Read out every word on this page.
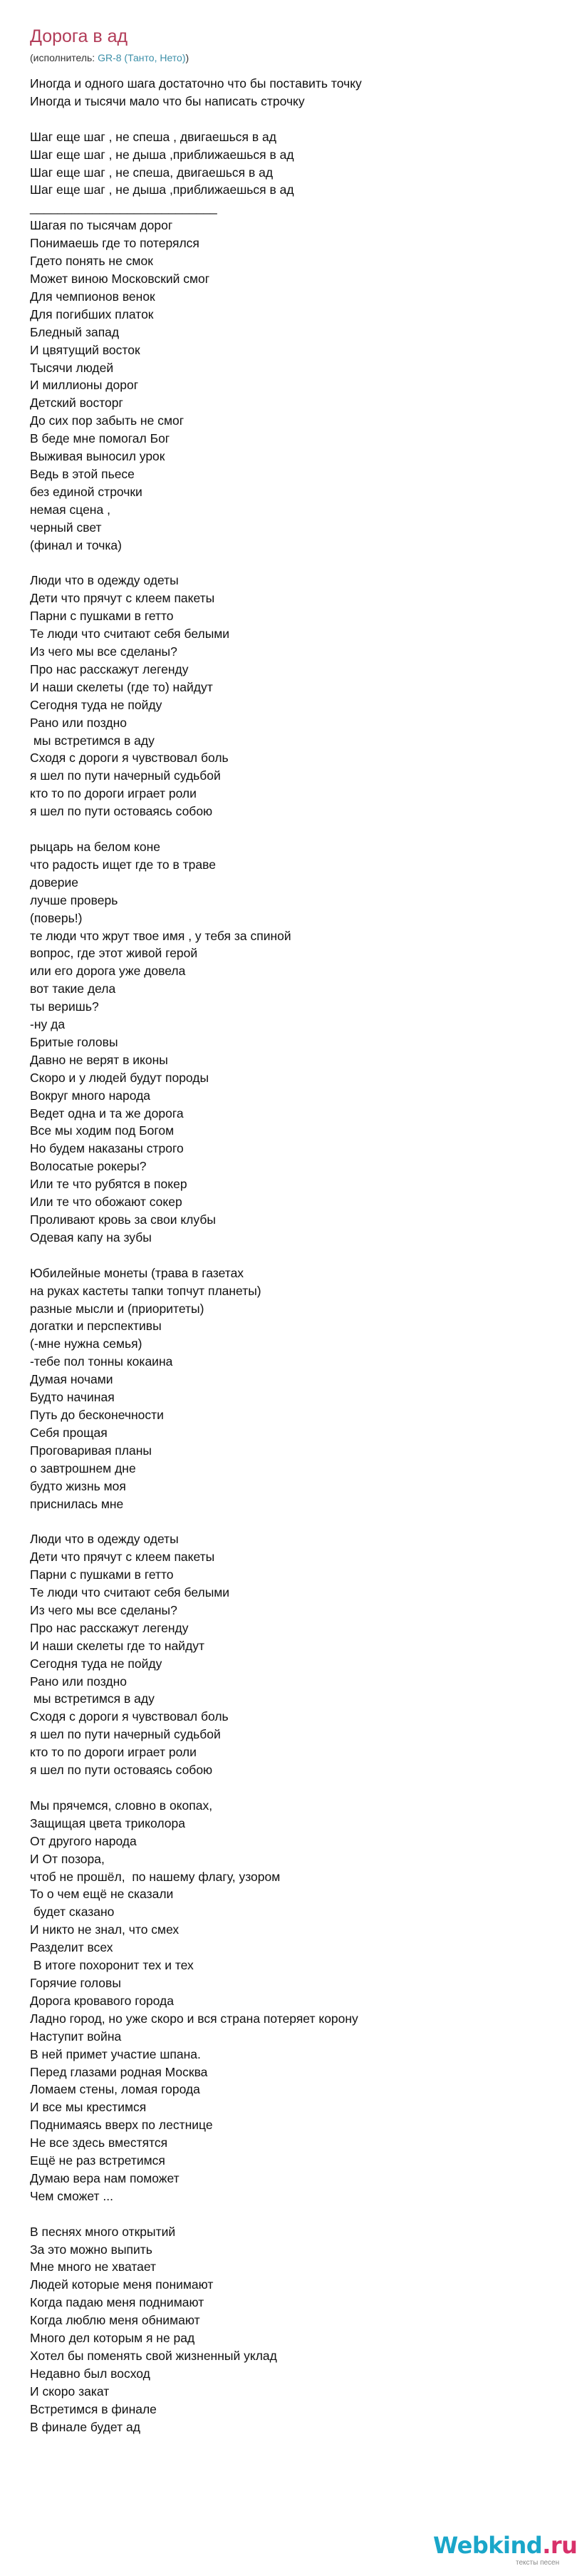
Дорога в ад
(исполнитель: GR-8 (Танто, Нето))
Иногда и одного шага достаточно что бы поставить точку
Иногда и тысячи мало что бы написать строчку

Шаг еще шаг , не спеша , двигаешься в ад
Шаг еще шаг , не дыша ,приближаешься в ад
Шаг еще шаг , не спеша, двигаешься в ад
Шаг еще шаг , не дыша ,приближаешься в ад
___________________________
Шагая по тысячам дорог
Понимаешь где то потерялся
Гдето понять не смок
Может виною Московский смог
Для чемпионов венок
Для погибших платок
Бледный запад
И цвятущий восток
Тысячи людей
И миллионы дорог
Детский восторг
До сих пор забыть не смог
В беде мне помогал Бог
Выживая выносил урок
Ведь в этой пьесе
без единой строчки
немая сцена ,
черный свет
(финал и точка)

Люди что в одежду одеты
Дети что прячут с клеем пакеты
Парни с пушками в гетто
Те люди что считают себя белыми
Из чего мы все сделаны?
Про нас расскажут легенду
И наши скелеты (где то) найдут
Сегодня туда не пойду
Рано или поздно
мы встретимся в аду
Сходя с дороги я чувствовал боль
я шел по пути начерный судьбой
кто то по дороги играет роли
я шел по пути остоваясь собою

рыцарь на белом коне
что радость ищет где то в траве
доверие
лучше проверь
(поверь!)
те люди что жрут твое имя , у тебя за спиной
вопрос, где этот живой герой
или его дорога уже довела
вот такие дела
ты веришь?
-ну да
Бритые головы
Давно не верят в иконы
Скоро и у людей будут породы
Вокруг много народа
Ведет одна и та же дорога
Все мы ходим под Богом
Но будем наказаны строго
Волосатые рокеры?
Или те что рубятся в покер
Или те что обожают сокер
Проливают кровь за свои клубы
Одевая капу на зубы

Юбилейные монеты (трава в газетах
на руках кастеты тапки топчут планеты)
разные мысли и (приоритеты)
догатки и перспективы
(-мне нужна семья)
-тебе пол тонны кокаина
Думая ночами
Будто начиная
Путь до бесконечности
Себя прощая
Проговаривая планы
о завтрошнем дне
будто жизнь моя
приснилась мне

Люди что в одежду одеты
Дети что прячут с клеем пакеты
Парни с пушками в гетто
Те люди что считают себя белыми
Из чего мы все сделаны?
Про нас расскажут легенду
И наши скелеты где то найдут
Сегодня туда не пойду
Рано или поздно
мы встретимся в аду
Сходя с дороги я чувствовал боль
я шел по пути начерный судьбой
кто то по дороги играет роли
я шел по пути остоваясь собою

Мы прячемся, словно в окопах,
Защищая цвета триколора
От другого народа
И От позора,
чтоб не прошёл,  по нашему флагу, узором
То о чем ещё не сказали
будет сказано
И никто не знал, что смех
Разделит всех
В итоге похоронит тех и тех
Горячие головы
Дорога кровавого города
Ладно город, но уже скоро и вся страна потеряет корону
Наступит война
В ней примет участие шпана.
Перед глазами родная Москва
Ломаем стены, ломая города
И все мы крестимся
Поднимаясь вверх по лестнице
Не все здесь вместятся
Ещё не раз встретимся
Думаю вера нам поможет
Чем сможет ...

В песнях много открытий
За это можно выпить
Мне много не хватает
Людей которые меня понимают
Когда падаю меня поднимают
Когда люблю меня обнимают
Много дел которым я не рад
Хотел бы поменять свой жизненный уклад
Недавно был восход
И скоро закат
Встретимся в финале
В финале будет ад
Webkind.ru
тексты песен
